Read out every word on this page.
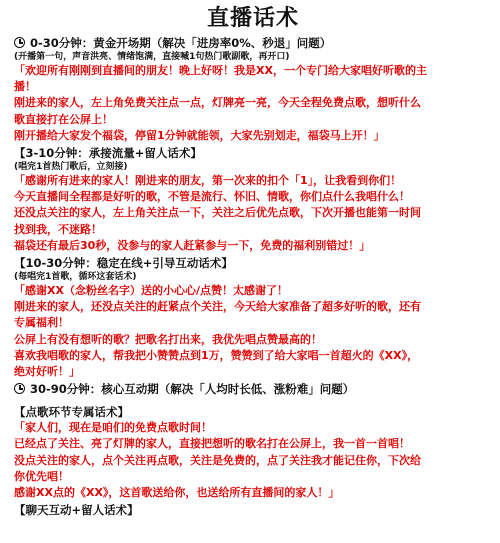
直播话术
0-30分钟：黄金开场期（解决「进房率0%、秒退」问题）
(开播第一句，声音洪亮、情绪饱满，直接喊1句热门歌副歌，再开口)
「欢迎所有刚刚到直播间的朋友！晚上好呀！我是XX，一个专门给大家唱好听歌的主
播！
刚进来的家人，左上角免费关注点一点，灯牌亮一亮，今天全程免费点歌，想听什么
歌直接打在公屏上！
刚开播给大家发个福袋，停留1分钟就能领，大家先别划走，福袋马上开！」
【3-10分钟：承接流量+留人话术】
(唱完1首热门歌后，立刻接)
「感谢所有进来的家人！刚进来的朋友，第一次来的扣个「1」，让我看到你们！
今天直播间全程都是好听的歌，不管是流行、怀旧、情歌，你们点什么我唱什么！
还没点关注的家人，左上角关注点一下，关注之后优先点歌，下次开播也能第一时间
找到我，不迷路！
福袋还有最后30秒，没参与的家人赶紧参与一下，免费的福利别错过！」
【10-30分钟：稳定在线+引导互动话术】
(每唱完1首歌，循环这套话术)
「感谢XX（念粉丝名字）送的小心心/点赞！太感谢了！
刚进来的家人，还没点关注的赶紧点个关注，今天给大家准备了超多好听的歌，还有
专属福利！
公屏上有没有想听的歌？把歌名打出来，我优先唱点赞最高的！
喜欢我唱歌的家人，帮我把小赞赞点到1万，赞赞到了给大家唱一首超火的《XX》，
绝对好听！」
30-90分钟：核心互动期（解决「人均时长低、涨粉难」问题）
【点歌环节专属话术】
「家人们，现在是咱们的免费点歌时间！
已经点了关注、亮了灯牌的家人，直接把想听的歌名打在公屏上，我一首一首唱！
没点关注的家人，点个关注再点歌，关注是免费的，点了关注我才能记住你，下次给
你优先唱！
感谢XX点的《XX》，这首歌送给你，也送给所有直播间的家人！」
【聊天互动+留人话术】
